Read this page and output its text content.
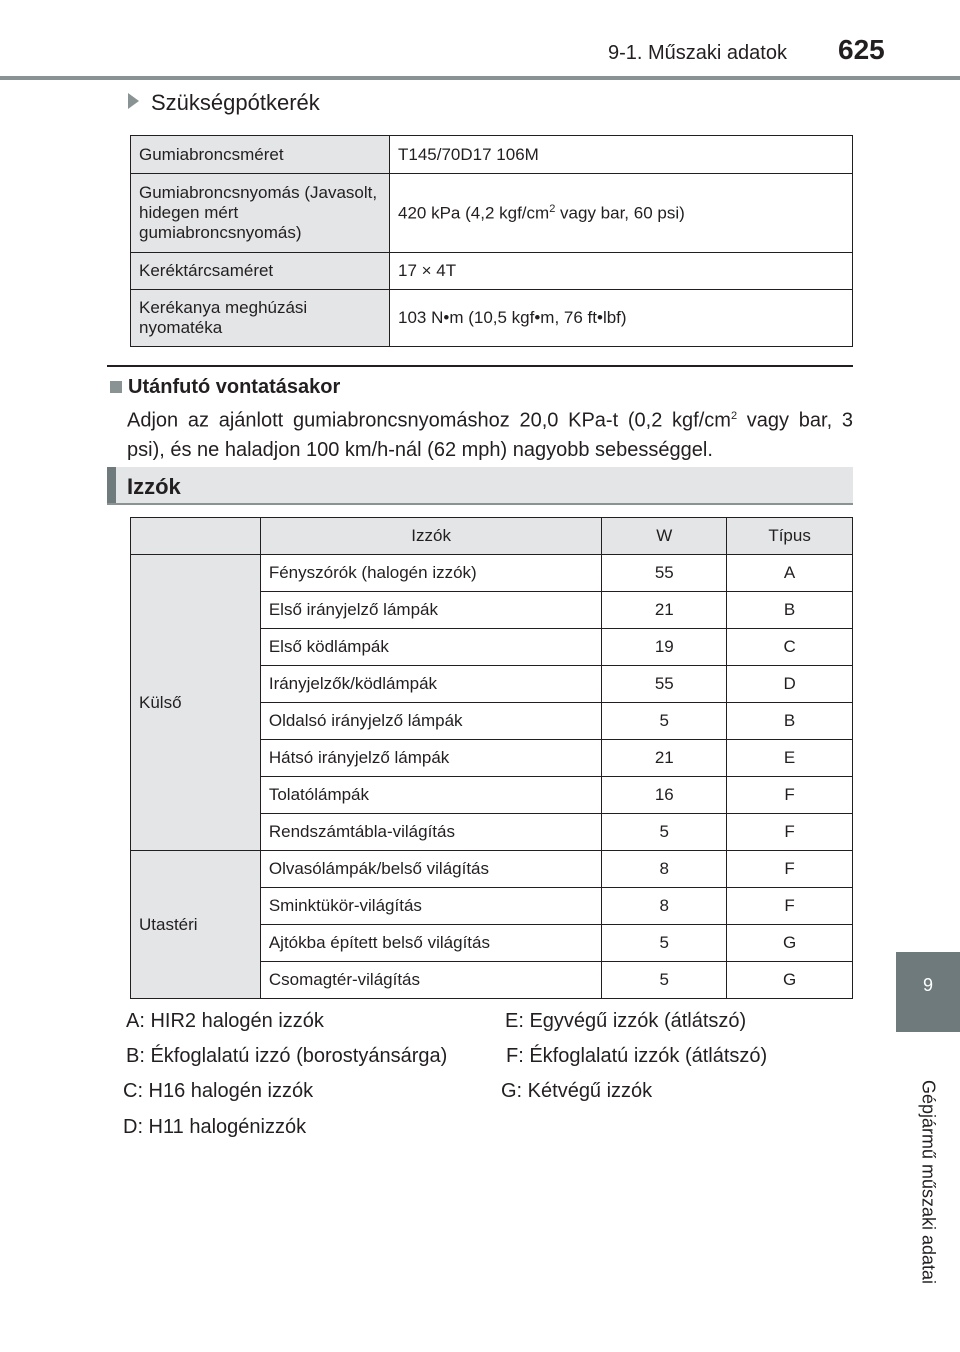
9-1. Műszaki adatok 625
9
Gépjármű műszaki adatai
Szükségpótkerék
Gumiabroncsméret	T145/70D17 106M
Gumiabroncsnyomás (Javasolt, hidegen mért gumiabroncsnyomás)	420 kPa (4,2 kgf/$cm^2$ vagy bar, 60 psi)
Keréktárcsaméret	17 × 4T
Kerékanya meghúzási nyomatéka	103 N•m (10,5 kgf•m, 76 ft•lbf)
Utánfutó vontatásakor
Adjon az ajánlott gumiabroncsnyomáshoz 20,0 KPa-t (0,2 kgf/$cm^2$ vagy bar, 3 psi), és ne haladjon 100 km/h-nál (62 mph) nagyobb sebességgel.
Izzók
	Izzók	W	Típus
Külső	Fényszórók (halogén izzók)	55	A
	Első irányjelző lámpák	21	B
	Első ködlámpák	19	C
	Irányjelzők/ködlámpák	55	D
	Oldalsó irányjelző lámpák	5	B
	Hátsó irányjelző lámpák	21	E
	Tolatólámpák	16	F
	Rendszámtábla-világítás	5	F
Utastéri	Olvasólámpák/belső világítás	8	F
	Sminktükör-világítás	8	F
	Ajtókba épített belső világítás	5	G
	Csomagtér-világítás	5	G
A: HIR2 halogén izzók	E: Egyvégű izzók (átlátszó)
B: Ékfoglalatú izzó (borostyánsárga)	F: Ékfoglalatú izzók (átlátszó)
C: H16 halogén izzók	G: Kétvégű izzók
D: H11 halogénizzók
